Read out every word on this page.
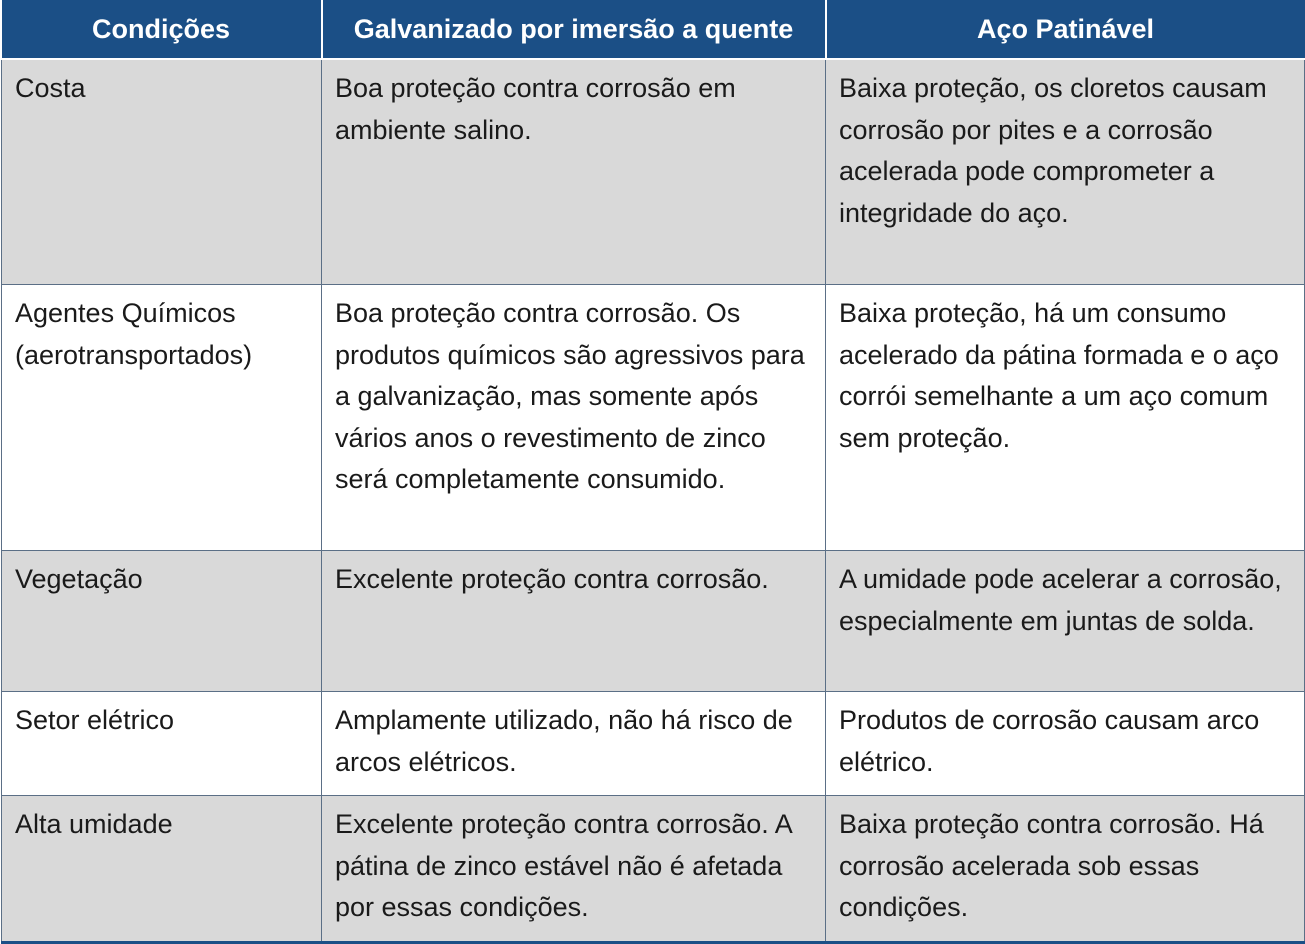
Condições	Galvanizado por imersão a quente	Aço Patinável
Costa	Boa proteção contra corrosão em ambiente salino.	Baixa proteção, os cloretos causam corrosão por pites e a corrosão acelerada pode comprometer a integridade do aço.
Agentes Químicos (aerotransportados)	Boa proteção contra corrosão. Os produtos químicos são agressivos para a galvanização, mas somente após vários anos o revestimento de zinco será completamente consumido.	Baixa proteção, há um consumo acelerado da pátina formada e o aço corrói semelhante a um aço comum sem proteção.
Vegetação	Excelente proteção contra corrosão.	A umidade pode acelerar a corrosão, especialmente em juntas de solda.
Setor elétrico	Amplamente utilizado, não há risco de arcos elétricos.	Produtos de corrosão causam arco elétrico.
Alta umidade	Excelente proteção contra corrosão. A pátina de zinco estável não é afetada por essas condições.	Baixa proteção contra corrosão. Há corrosão acelerada sob essas condições.
